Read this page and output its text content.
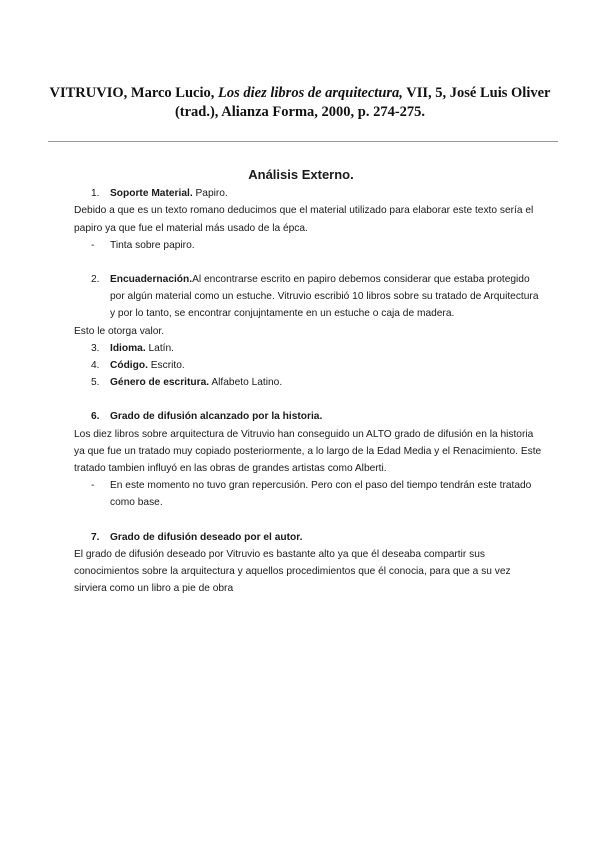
VITRUVIO, Marco Lucio, Los diez libros de arquitectura, VII, 5, José Luis Oliver
(trad.), Alianza Forma, 2000, p. 274-275.
Análisis Externo.
1. Soporte Material. Papiro.

Debido a que es un texto romano deducimos que el material utilizado para elaborar este texto sería el papiro ya que fue el material más usado de la épca.

- Tinta sobre papiro.
2. Encuadernación.Al encontrarse escrito en papiro debemos considerar que estaba protegido por algún material como un estuche. Vitruvio escribió 10 libros sobre su tratado de Arquitectura y por lo tanto, se encontrar conjujntamente en un estuche o caja de madera.

Esto le otorga valor.

3. Idioma. Latín.
4. Código. Escrito.
5. Género de escritura. Alfabeto Latino.
6. Grado de difusión alcanzado por la historia.

Los diez libros sobre arquitectura de Vitruvio han conseguido un ALTO grado de difusión en la historia ya que fue un tratado muy copiado posteriormente, a lo largo de la Edad Media y el Renacimiento. Este tratado tambien influyó en las obras de grandes artistas como Alberti.

- En este momento no tuvo gran repercusión. Pero con el paso del tiempo tendrán este tratado como base.
7. Grado de difusión deseado por el autor.

El grado de difusión deseado por Vitruvio es bastante alto ya que él deseaba compartir sus conocimientos sobre la arquitectura y aquellos procedimientos que él conocia, para que a su vez sirviera como un libro a pie de obra
